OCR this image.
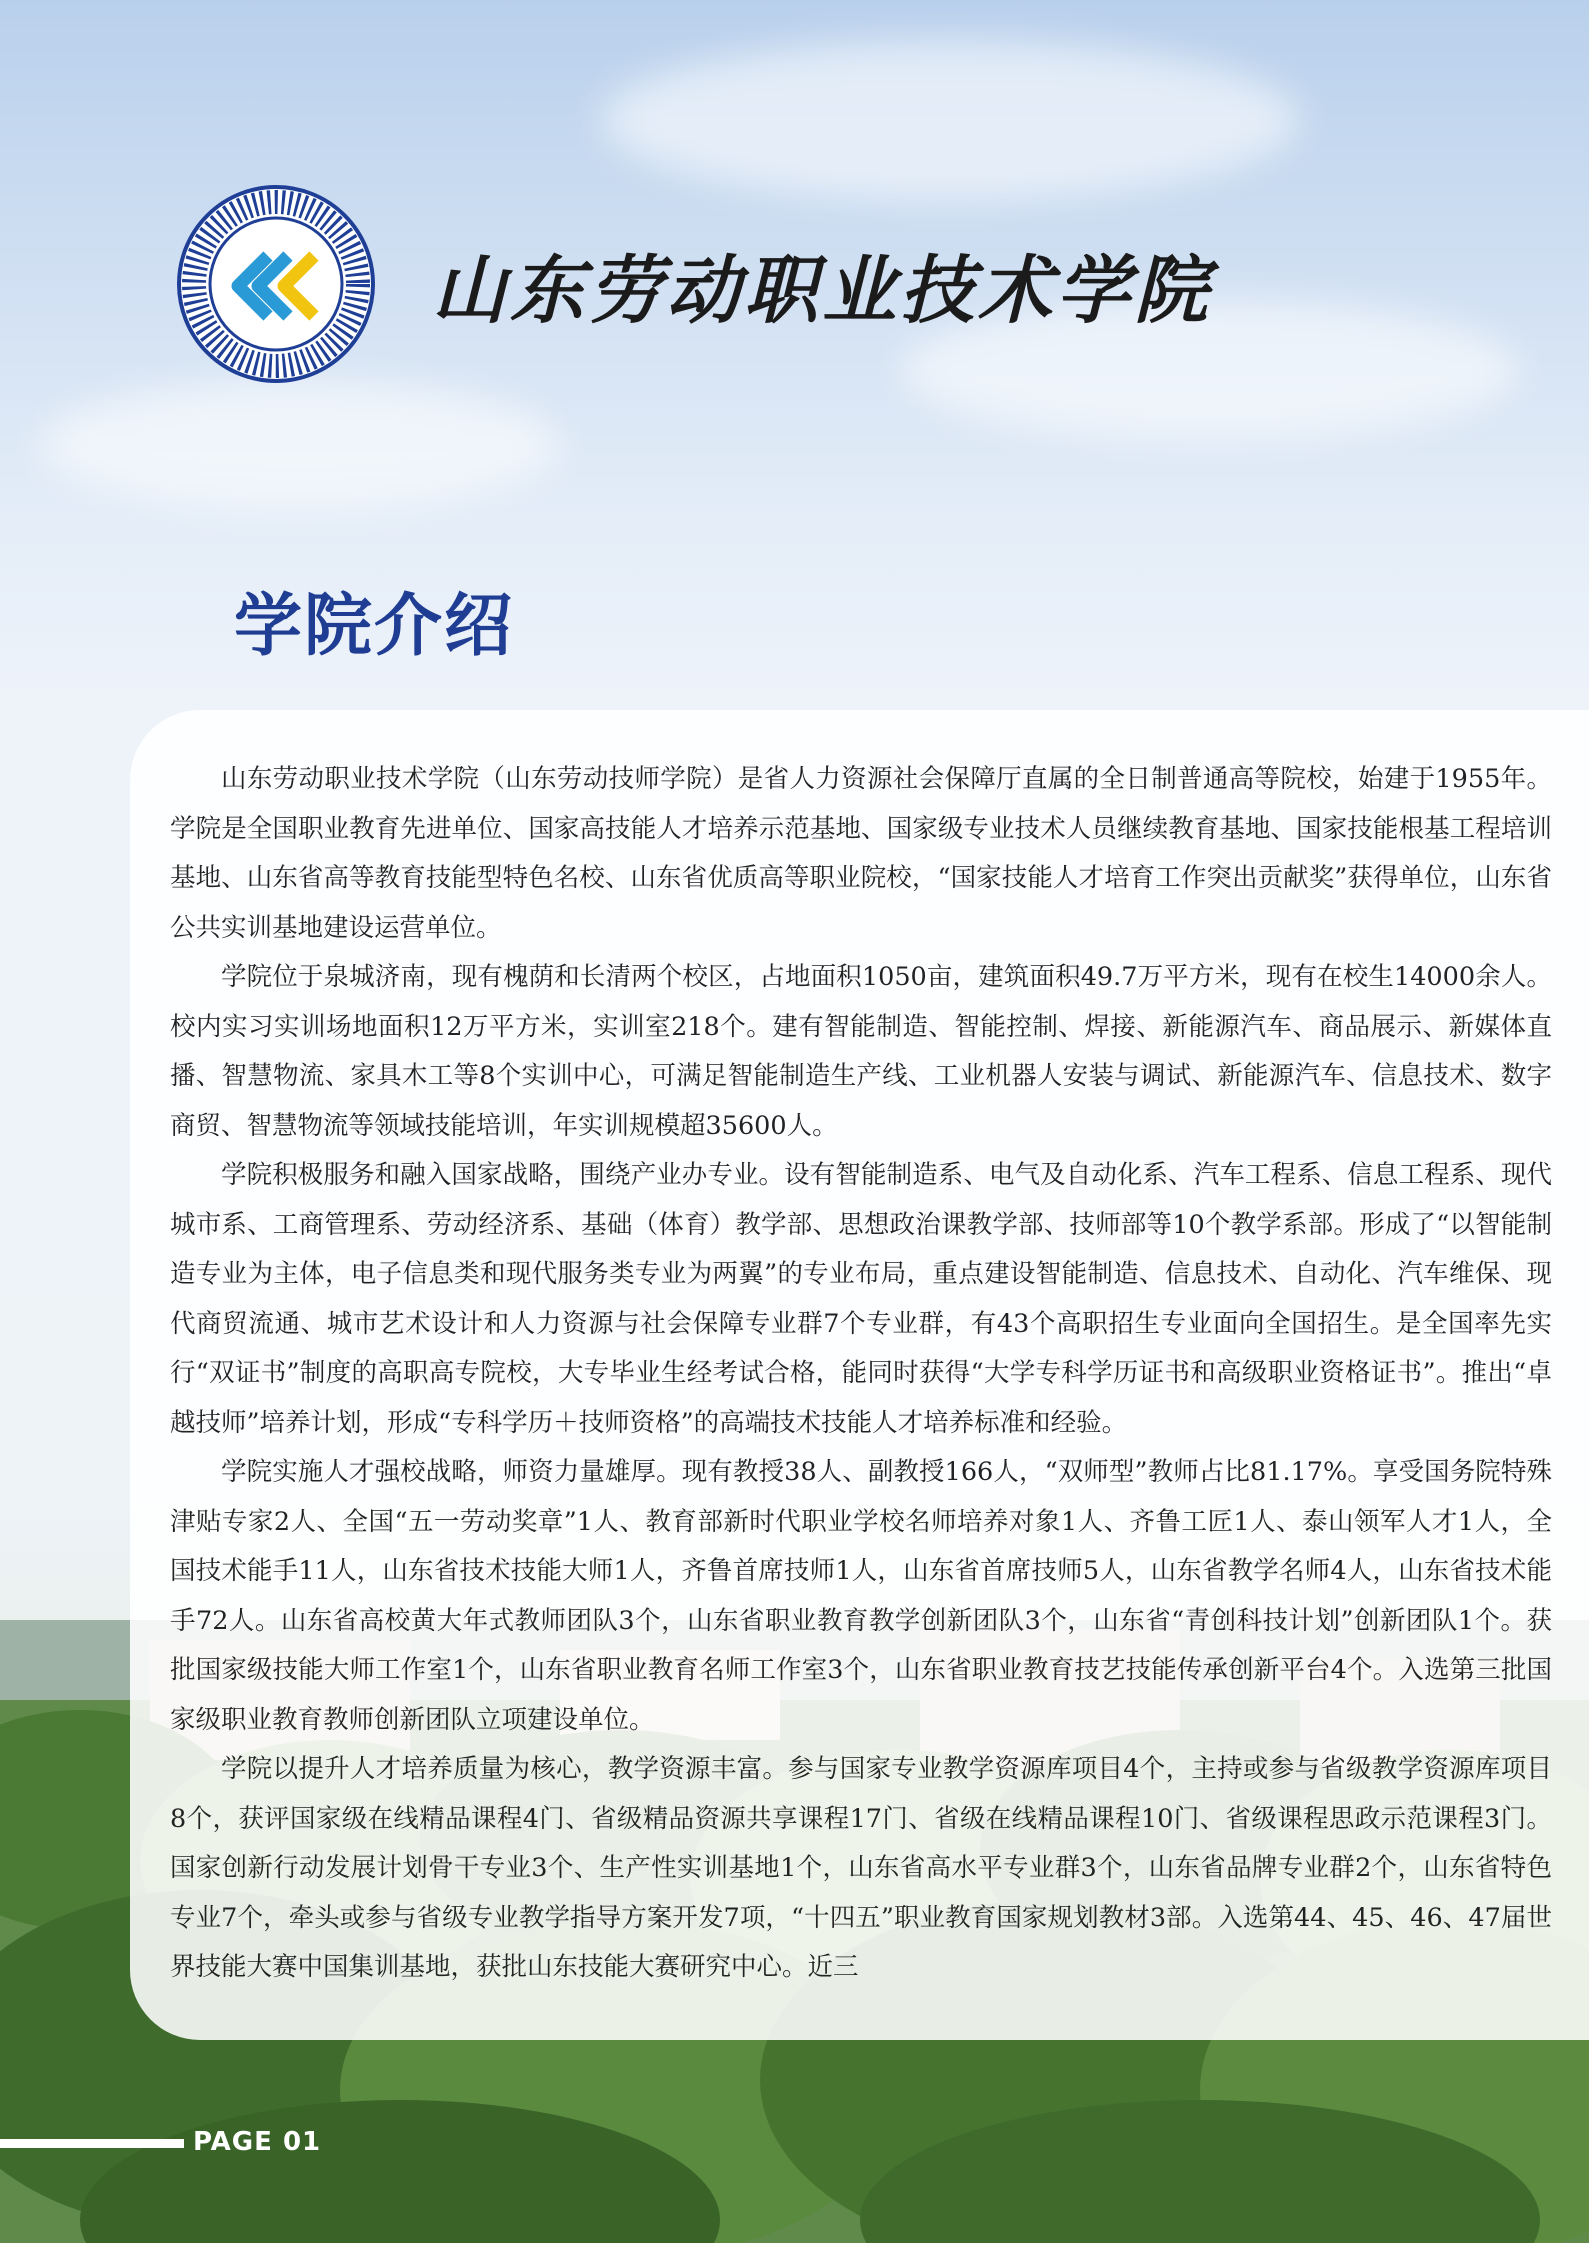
山东劳动职业技术学院
学院介绍

山东劳动职业技术学院（山东劳动技师学院）是省人力资源社会保障厅直属的全日制普通高等院校，始建于1955年。学院是全国职业教育先进单位、国家高技能人才培养示范基地、国家级专业技术人员继续教育基地、国家技能根基工程培训基地、山东省高等教育技能型特色名校、山东省优质高等职业院校，“国家技能人才培育工作突出贡献奖”获得单位，山东省公共实训基地建设运营单位。

学院位于泉城济南，现有槐荫和长清两个校区，占地面积1050亩，建筑面积49.7万平方米，现有在校生14000余人。校内实习实训场地面积12万平方米，实训室218个。建有智能制造、智能控制、焊接、新能源汽车、商品展示、新媒体直播、智慧物流、家具木工等8个实训中心，可满足智能制造生产线、工业机器人安装与调试、新能源汽车、信息技术、数字商贸、智慧物流等领域技能培训，年实训规模超35600人。

学院积极服务和融入国家战略，围绕产业办专业。设有智能制造系、电气及自动化系、汽车工程系、信息工程系、现代城市系、工商管理系、劳动经济系、基础（体育）教学部、思想政治课教学部、技师部等10个教学系部。形成了“以智能制造专业为主体，电子信息类和现代服务类专业为两翼”的专业布局，重点建设智能制造、信息技术、自动化、汽车维保、现代商贸流通、城市艺术设计和人力资源与社会保障专业群7个专业群，有43个高职招生专业面向全国招生。是全国率先实行“双证书”制度的高职高专院校，大专毕业生经考试合格，能同时获得“大学专科学历证书和高级职业资格证书”。推出“卓越技师”培养计划，形成“专科学历＋技师资格”的高端技术技能人才培养标准和经验。

学院实施人才强校战略，师资力量雄厚。现有教授38人、副教授166人，“双师型”教师占比81.17%。享受国务院特殊津贴专家2人、全国“五一劳动奖章”1人、教育部新时代职业学校名师培养对象1人、齐鲁工匠1人、泰山领军人才1人，全国技术能手11人，山东省技术技能大师1人，齐鲁首席技师1人，山东省首席技师5人，山东省教学名师4人，山东省技术能手72人。山东省高校黄大年式教师团队3个，山东省职业教育教学创新团队3个，山东省“青创科技计划”创新团队1个。获批国家级技能大师工作室1个，山东省职业教育名师工作室3个，山东省职业教育技艺技能传承创新平台4个。入选第三批国家级职业教育教师创新团队立项建设单位。

学院以提升人才培养质量为核心，教学资源丰富。参与国家专业教学资源库项目4个，主持或参与省级教学资源库项目8个，获评国家级在线精品课程4门、省级精品资源共享课程17门、省级在线精品课程10门、省级课程思政示范课程3门。国家创新行动发展计划骨干专业3个、生产性实训基地1个，山东省高水平专业群3个，山东省品牌专业群2个，山东省特色专业7个，牵头或参与省级专业教学指导方案开发7项，“十四五”职业教育国家规划教材3部。入选第44、45、46、47届世界技能大赛中国集训基地，获批山东技能大赛研究中心。近三

PAGE 01
